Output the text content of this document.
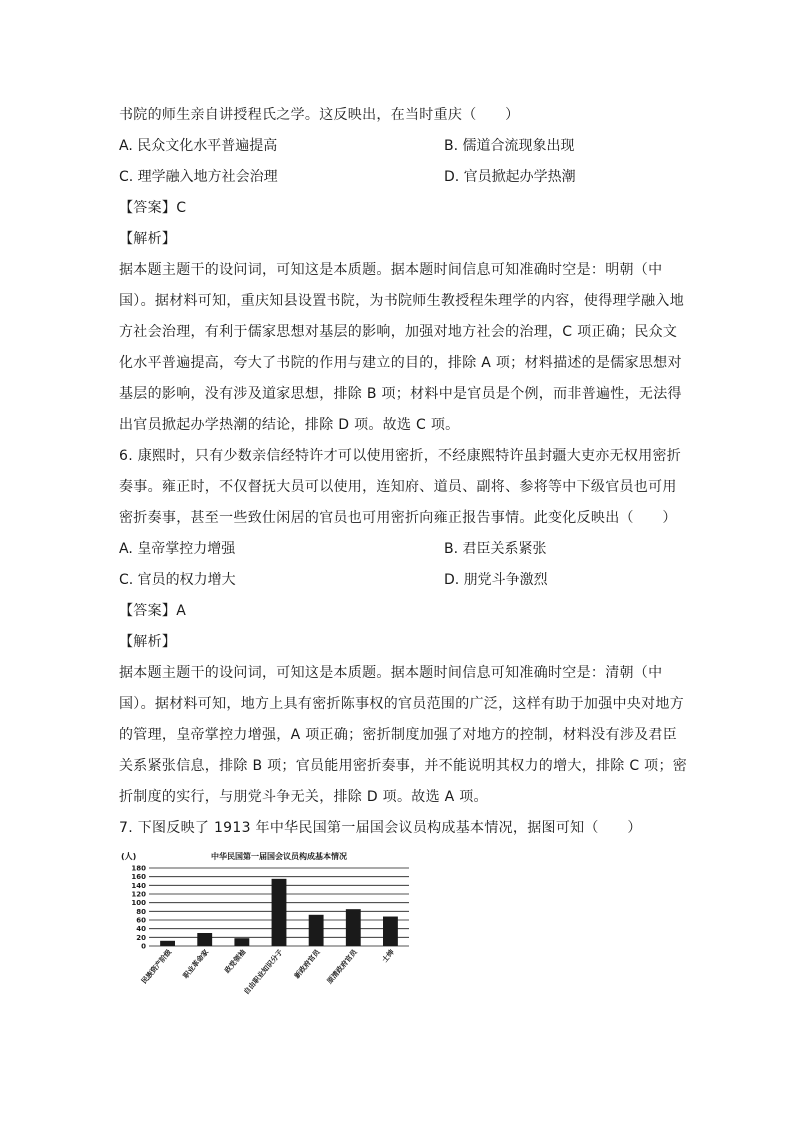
书院的师生亲自讲授程氏之学。这反映出，在当时重庆（　　）
A. 民众文化水平普遍提高	B. 儒道合流现象出现
C. 理学融入地方社会治理	D. 官员掀起办学热潮
【答案】C
【解析】
据本题主题干的设问词，可知这是本质题。据本题时间信息可知准确时空是：明朝（中
国）。据材料可知，重庆知县设置书院，为书院师生教授程朱理学的内容，使得理学融入地
方社会治理，有利于儒家思想对基层的影响，加强对地方社会的治理，C 项正确；民众文
化水平普遍提高，夸大了书院的作用与建立的目的，排除 A 项；材料描述的是儒家思想对
基层的影响，没有涉及道家思想，排除 B 项；材料中是官员是个例，而非普遍性，无法得
出官员掀起办学热潮的结论，排除 D 项。故选 C 项。
6. 康熙时，只有少数亲信经特许才可以使用密折，不经康熙特许虽封疆大吏亦无权用密折
奏事。雍正时，不仅督抚大员可以使用，连知府、道员、副将、参将等中下级官员也可用
密折奏事，甚至一些致仕闲居的官员也可用密折向雍正报告事情。此变化反映出（　　）
A. 皇帝掌控力增强	B. 君臣关系紧张
C. 官员的权力增大	D. 朋党斗争激烈
【答案】A
【解析】
据本题主题干的设问词，可知这是本质题。据本题时间信息可知准确时空是：清朝（中
国）。据材料可知，地方上具有密折陈事权的官员范围的广泛，这样有助于加强中央对地方
的管理，皇帝掌控力增强，A 项正确；密折制度加强了对地方的控制，材料没有涉及君臣
关系紧张信息，排除 B 项；官员能用密折奏事，并不能说明其权力的增大，排除 C 项；密
折制度的实行，与朋党斗争无关，排除 D 项。故选 A 项。
7. 下图反映了 1913 年中华民国第一届国会议员构成基本情况，据图可知（　　）
中华民国第一届国会议员构成基本情况
(人)
0
20
40
60
80
100
120
140
160
180
民族资产阶级 职业革命家 政党领袖
自由职业知识分子 新政府官员 原清政府官员	士绅
